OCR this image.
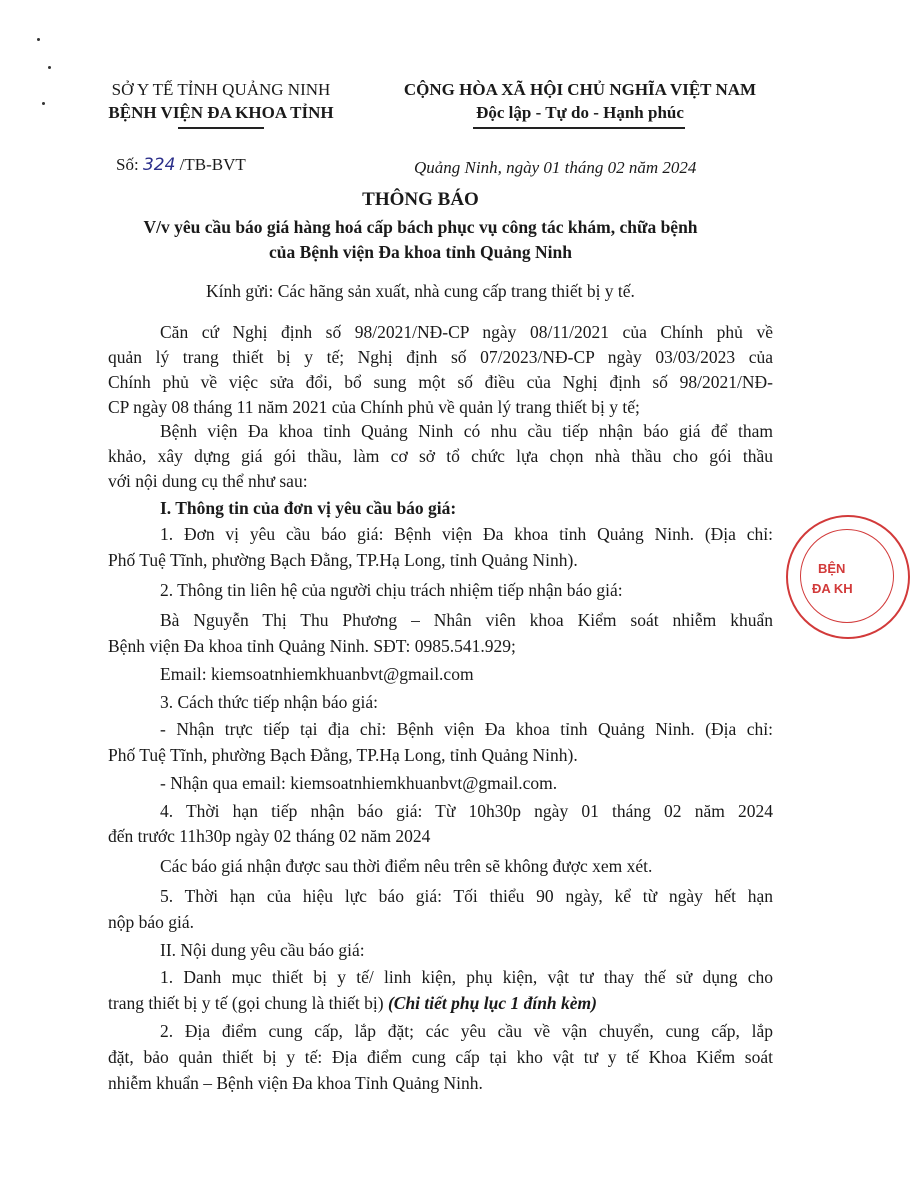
SỞ Y TẾ TỈNH QUẢNG NINH
BỆNH VIỆN ĐA KHOA TỈNH
CỘNG HÒA XÃ HỘI CHỦ NGHĨA VIỆT NAM
Độc lập - Tự do - Hạnh phúc
Số: 324 /TB-BVT	Quảng Ninh, ngày 01 tháng 02 năm 2024
THÔNG BÁO
V/v yêu cầu báo giá hàng hoá cấp bách phục vụ công tác khám, chữa bệnh
của Bệnh viện Đa khoa tỉnh Quảng Ninh
Kính gửi: Các hãng sản xuất, nhà cung cấp trang thiết bị y tế.
Căn cứ Nghị định số 98/2021/NĐ-CP ngày 08/11/2021 của Chính phủ về
quản lý trang thiết bị y tế; Nghị định số 07/2023/NĐ-CP ngày 03/03/2023 của
Chính phủ về việc sửa đổi, bổ sung một số điều của Nghị định số 98/2021/NĐ-
CP ngày 08 tháng 11 năm 2021 của Chính phủ về quản lý trang thiết bị y tế;
Bệnh viện Đa khoa tỉnh Quảng Ninh có nhu cầu tiếp nhận báo giá để tham
khảo, xây dựng giá gói thầu, làm cơ sở tổ chức lựa chọn nhà thầu cho gói thầu
với nội dung cụ thể như sau:
I. Thông tin của đơn vị yêu cầu báo giá:
1. Đơn vị yêu cầu báo giá: Bệnh viện Đa khoa tỉnh Quảng Ninh. (Địa chỉ:
Phố Tuệ Tĩnh, phường Bạch Đằng, TP.Hạ Long, tỉnh Quảng Ninh).
2. Thông tin liên hệ của người chịu trách nhiệm tiếp nhận báo giá:
Bà Nguyễn Thị Thu Phương – Nhân viên khoa Kiểm soát nhiễm khuẩn
Bệnh viện Đa khoa tỉnh Quảng Ninh. SĐT: 0985.541.929;
Email: kiemsoatnhiemkhuanbvt@gmail.com
3. Cách thức tiếp nhận báo giá:
- Nhận trực tiếp tại địa chỉ: Bệnh viện Đa khoa tỉnh Quảng Ninh. (Địa chỉ:
Phố Tuệ Tĩnh, phường Bạch Đằng, TP.Hạ Long, tỉnh Quảng Ninh).
- Nhận qua email: kiemsoatnhiemkhuanbvt@gmail.com.
4. Thời hạn tiếp nhận báo giá: Từ 10h30p ngày 01 tháng 02 năm 2024
đến trước 11h30p ngày 02 tháng 02 năm 2024
Các báo giá nhận được sau thời điểm nêu trên sẽ không được xem xét.
5. Thời hạn của hiệu lực báo giá: Tối thiểu 90 ngày, kể từ ngày hết hạn
nộp báo giá.
II. Nội dung yêu cầu báo giá:
1. Danh mục thiết bị y tế/ linh kiện, phụ kiện, vật tư thay thế sử dụng cho
trang thiết bị y tế (gọi chung là thiết bị) (Chi tiết phụ lục 1 đính kèm)
2. Địa điểm cung cấp, lắp đặt; các yêu cầu về vận chuyển, cung cấp, lắp
đặt, bảo quản thiết bị y tế: Địa điểm cung cấp tại kho vật tư y tế Khoa Kiểm soát
nhiễm khuẩn – Bệnh viện Đa khoa Tỉnh Quảng Ninh.
BỆN
ĐA KH
